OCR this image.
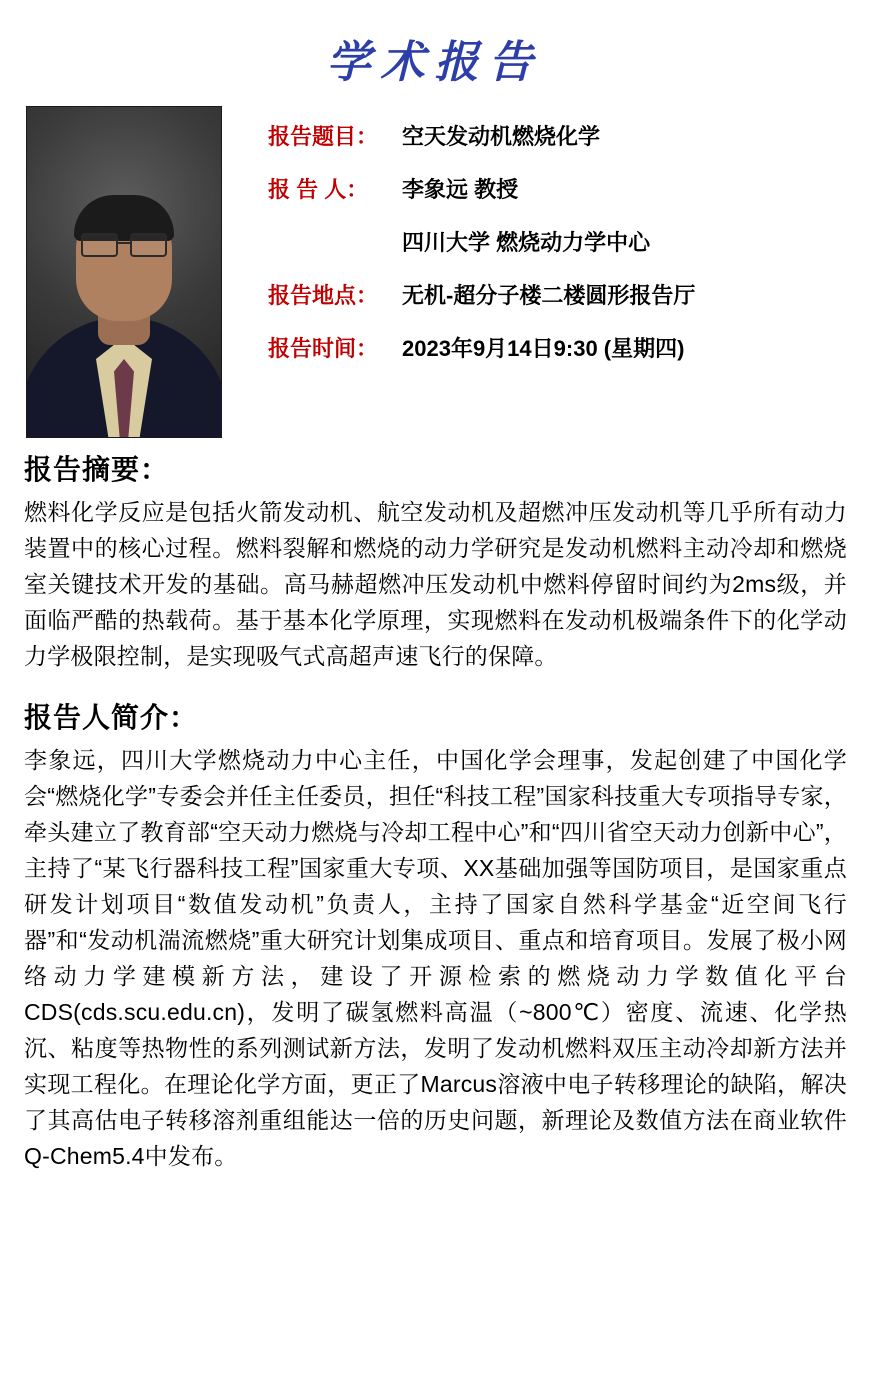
学术报告
报告题目：	空天发动机燃烧化学
报 告 人：	李象远 教授
四川大学 燃烧动力学中心
报告地点：	无机-超分子楼二楼圆形报告厅
报告时间：	2023年9月14日9:30 (星期四)
报告摘要：

燃料化学反应是包括火箭发动机、航空发动机及超燃冲压发动机等几乎所有动力装置中的核心过程。燃料裂解和燃烧的动力学研究是发动机燃料主动冷却和燃烧室关键技术开发的基础。高马赫超燃冲压发动机中燃料停留时间约为2ms级，并面临严酷的热载荷。基于基本化学原理，实现燃料在发动机极端条件下的化学动力学极限控制，是实现吸气式高超声速飞行的保障。

报告人简介：

李象远，四川大学燃烧动力中心主任，中国化学会理事，发起创建了中国化学会“燃烧化学”专委会并任主任委员，担任“科技工程”国家科技重大专项指导专家，牵头建立了教育部“空天动力燃烧与冷却工程中心”和“四川省空天动力创新中心”，主持了“某飞行器科技工程”国家重大专项、XX基础加强等国防项目，是国家重点研发计划项目“数值发动机”负责人，主持了国家自然科学基金“近空间飞行器”和“发动机湍流燃烧”重大研究计划集成项目、重点和培育项目。发展了极小网络动力学建模新方法，建设了开源检索的燃烧动力学数值化平台CDS(cds.scu.edu.cn)，发明了碳氢燃料高温（~800℃）密度、流速、化学热沉、粘度等热物性的系列测试新方法，发明了发动机燃料双压主动冷却新方法并实现工程化。在理论化学方面，更正了Marcus溶液中电子转移理论的缺陷，解决了其高估电子转移溶剂重组能达一倍的历史问题，新理论及数值方法在商业软件Q-Chem5.4中发布。
